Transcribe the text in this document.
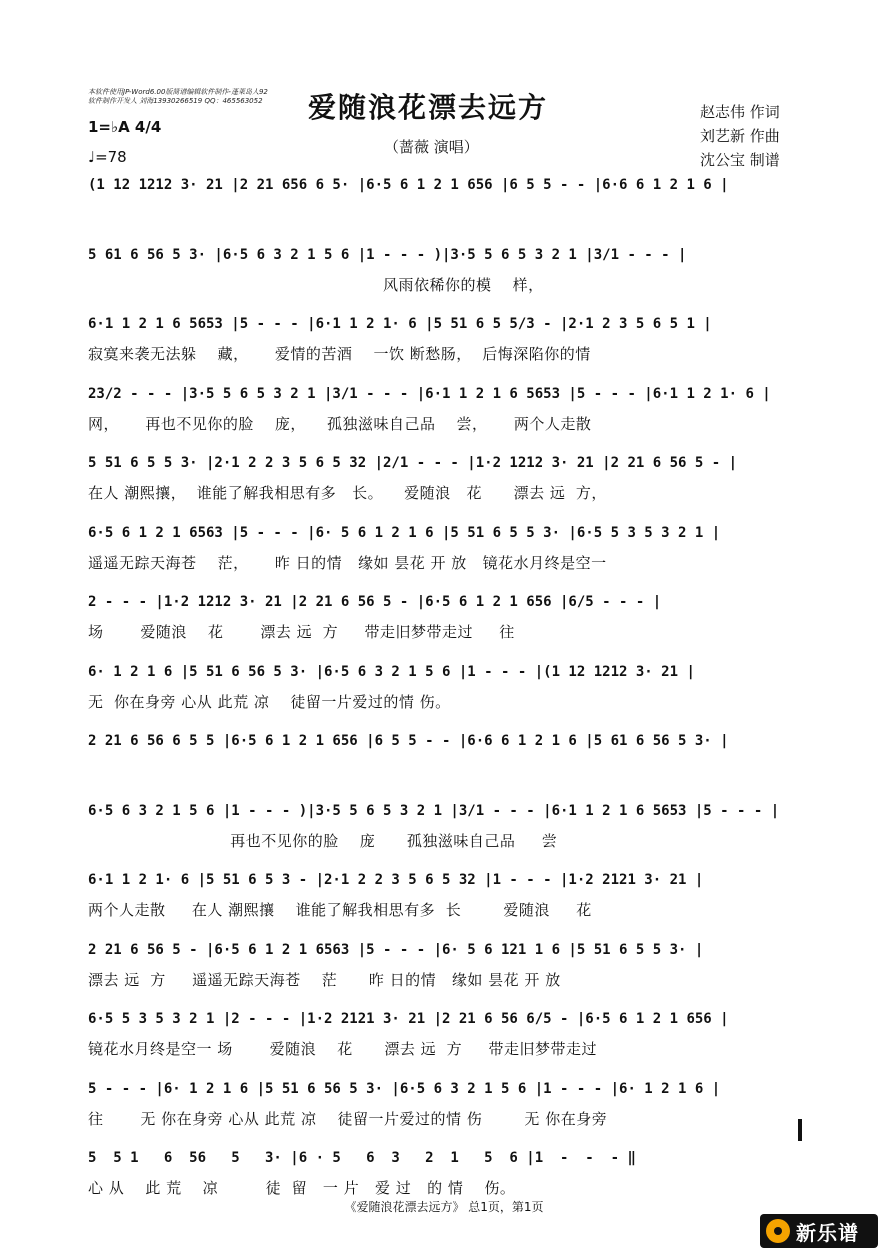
本软件使用JP-Word6.00版简谱编辑软件制作-蓬莱岛人92
软件制作开发人 刘海13930266519 QQ：465563052 爱随浪花漂去远方
（蔷薇 演唱）
1=♭A 4/4
♩=78
赵志伟 作词
刘艺新 作曲
沈公宝 制谱
(1 12 1212 3· 21 |2 21 656 6 5· |6·5 6 1 2 1 656 |6 5 5 - - |6·6 6 1 2 1 6 |
5 61 6 56 5 3· |6·5 6 3 2 1 5 6 |1 - - - )|3·5 5 6 5 3 2 1 |3/1 - - - |
风雨依稀你的模    样，
6·1 1 2 1 6 5653 |5 - - - |6·1 1 2 1· 6 |5 51 6 5 5/3 - |2·1 2 3 5 6 5 1 |
寂寞来袭无法躲    藏，     爱情的苦酒    一饮 断愁肠，  后悔深陷你的情
23/2 - - - |3·5 5 6 5 3 2 1 |3/1 - - - |6·1 1 2 1 6 5653 |5 - - - |6·1 1 2 1· 6 |
网，     再也不见你的脸    庞，    孤独滋味自己品    尝，     两个人走散
5 51 6 5 5 3· |2·1 2 2 3 5 6 5 32 |2/1 - - - |1·2 1212 3· 21 |2 21 6 56 5 - |
在人 潮熙攘，  谁能了解我相思有多   长。    爱随浪   花      漂去 远  方，
6·5 6 1 2 1 6563 |5 - - - |6· 5 6 1 2 1 6 |5 51 6 5 5 3· |6·5 5 3 5 3 2 1 |
遥遥无踪天海苍    茫，     昨 日的情   缘如 昙花 开 放   镜花水月终是空一
2 - - - |1·2 1212 3· 21 |2 21 6 56 5 - |6·5 6 1 2 1 656 |6/5 - - - |
场       爱随浪    花       漂去 远  方     带走旧梦带走过     往
6· 1 2 1 6 |5 51 6 56 5 3· |6·5 6 3 2 1 5 6 |1 - - - |(1 12 1212 3· 21 |
无  你在身旁 心从 此荒 凉    徒留一片爱过的情 伤。
2 21 6 56 6 5 5 |6·5 6 1 2 1 656 |6 5 5 - - |6·6 6 1 2 1 6 |5 61 6 56 5 3· |
6·5 6 3 2 1 5 6 |1 - - - )|3·5 5 6 5 3 2 1 |3/1 - - - |6·1 1 2 1 6 5653 |5 - - - |
再也不见你的脸    庞      孤独滋味自己品     尝
6·1 1 2 1· 6 |5 51 6 5 3 - |2·1 2 2 3 5 6 5 32 |1 - - - |1·2 2121 3· 21 |
两个人走散     在人 潮熙攘    谁能了解我相思有多  长        爱随浪     花
2 21 6 56 5 - |6·5 6 1 2 1 6563 |5 - - - |6· 5 6 121 1 6 |5 51 6 5 5 3· |
漂去 远  方     遥遥无踪天海苍    茫      昨 日的情   缘如 昙花 开 放
6·5 5 3 5 3 2 1 |2 - - - |1·2 2121 3· 21 |2 21 6 56 6/5 - |6·5 6 1 2 1 656 |
镜花水月终是空一 场       爱随浪    花      漂去 远  方     带走旧梦带走过
5 - - - |6· 1 2 1 6 |5 51 6 56 5 3· |6·5 6 3 2 1 5 6 |1 - - - |6· 1 2 1 6 |
往       无 你在身旁 心从 此荒 凉    徒留一片爱过的情 伤        无 你在身旁
5  5 1   6  56   5   3· |6 · 5   6  3   2  1   5  6 |1  -  -  - ‖
心 从    此 荒    凉         徒  留   一 片   爱 过   的 情    伤。
《爱随浪花漂去远方》 总1页，第1页
新乐谱
